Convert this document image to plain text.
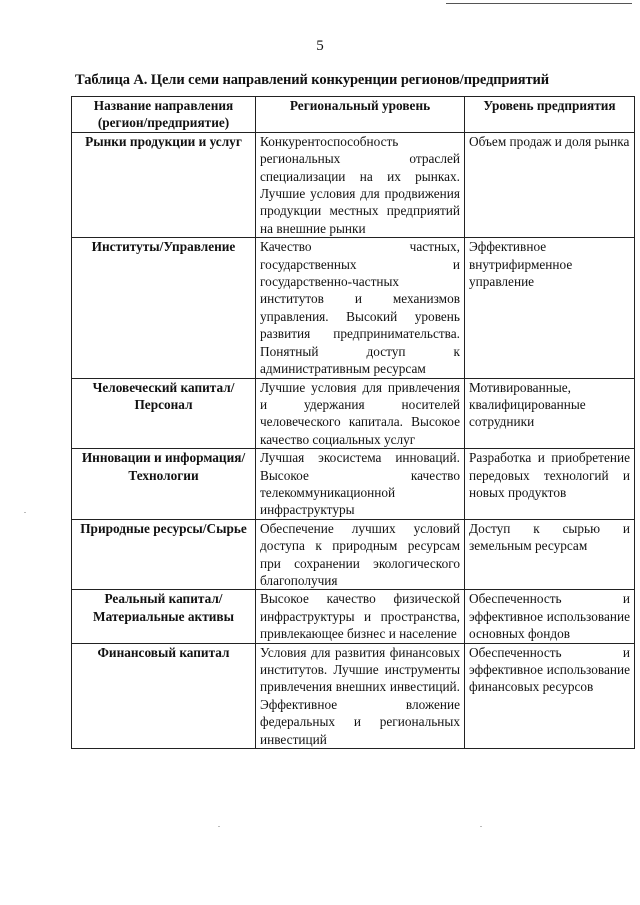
5
Таблица А. Цели семи направлений конкуренции регионов/предприятий
Название направления (регион/предприятие)	Региональный уровень	Уровень предприятия
Рынки продукции и услуг	Конкурентоспособность региональных отраслей специализации на их рынках. Лучшие условия для продвижения продукции местных предприятий на внешние рынки	Объем продаж и доля рынка
Институты/Управление	Качество частных, государственных и государственно-частных институтов и механизмов управления. Высокий уровень развития предпринимательства. Понятный доступ к административным ресурсам	Эффективное внутрифирменное управление
Человеческий капитал/Персонал	Лучшие условия для привлечения и удержания носителей человеческого капитала. Высокое качество социальных услуг	Мотивированные, квалифицированные сотрудники
Инновации и информация/Технологии	Лучшая экосистема инноваций. Высокое качество телекоммуникационной инфраструктуры	Разработка и приобретение передовых технологий и новых продуктов
Природные ресурсы/Сырье	Обеспечение лучших условий доступа к природным ресурсам при сохранении экологического благополучия	Доступ к сырью и земельным ресурсам
Реальный капитал/ Материальные активы	Высокое качество физической инфраструктуры и пространства, привлекающее бизнес и население	Обеспеченность и эффективное использование основных фондов
Финансовый капитал	Условия для развития финансовых институтов. Лучшие инструменты привлечения внешних инвестиций. Эффективное вложение федеральных и региональных инвестиций	Обеспеченность и эффективное использование финансовых ресурсов
